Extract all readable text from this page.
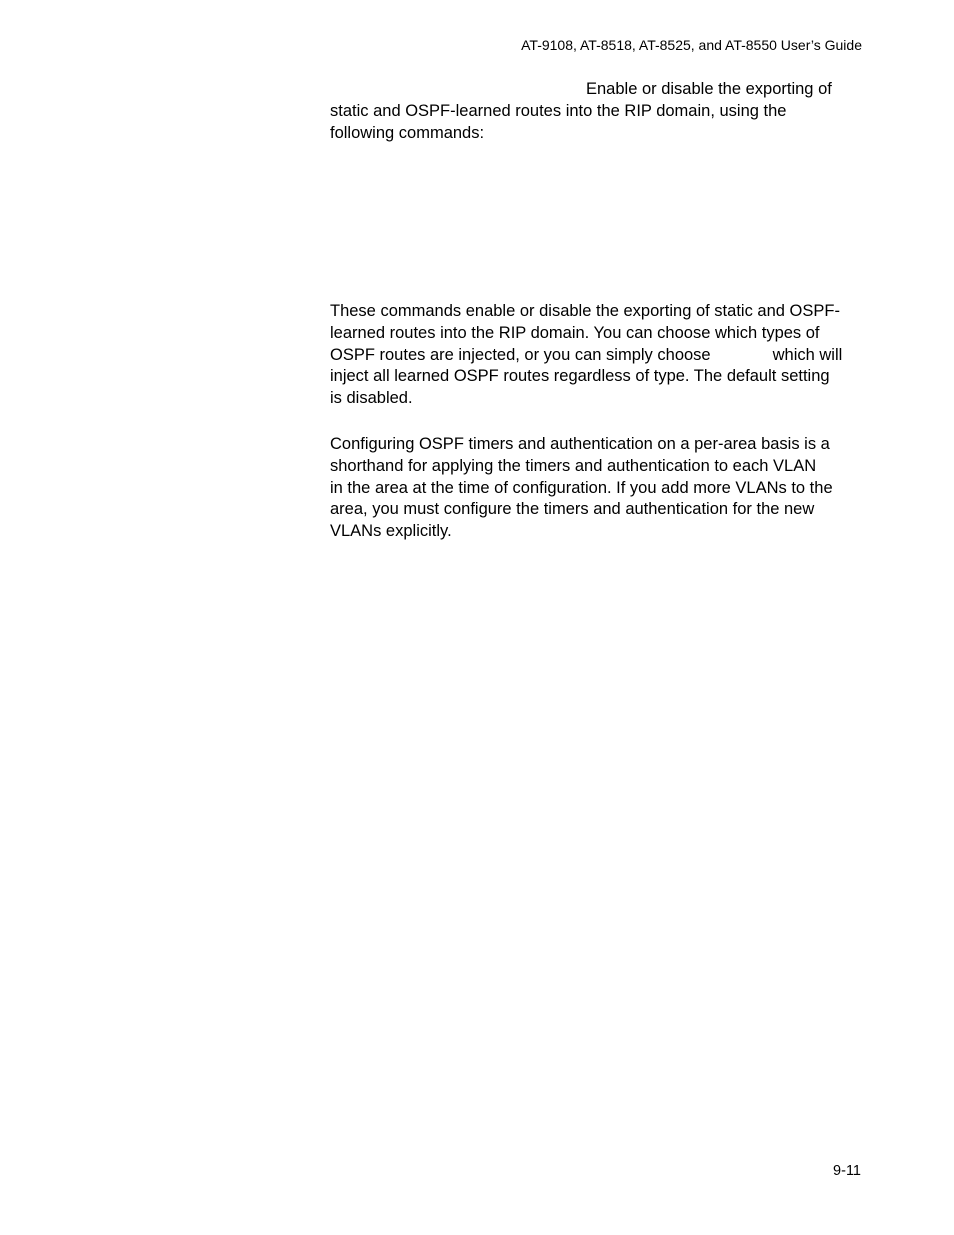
AT-9108, AT-8518, AT-8525, and AT-8550 User’s Guide
Enable or disable the exporting of
static and OSPF-learned routes into the RIP domain, using the
following commands:
These commands enable or disable the exporting of static and OSPF-
learned routes into the RIP domain. You can choose which types of
OSPF routes are injected, or you can simply choose	which will
inject all learned OSPF routes regardless of type. The default setting
is disabled.
Configuring OSPF timers and authentication on a per-area basis is a
shorthand for applying the timers and authentication to each VLAN
in the area at the time of configuration. If you add more VLANs to the
area, you must configure the timers and authentication for the new
VLANs explicitly.
9-11
